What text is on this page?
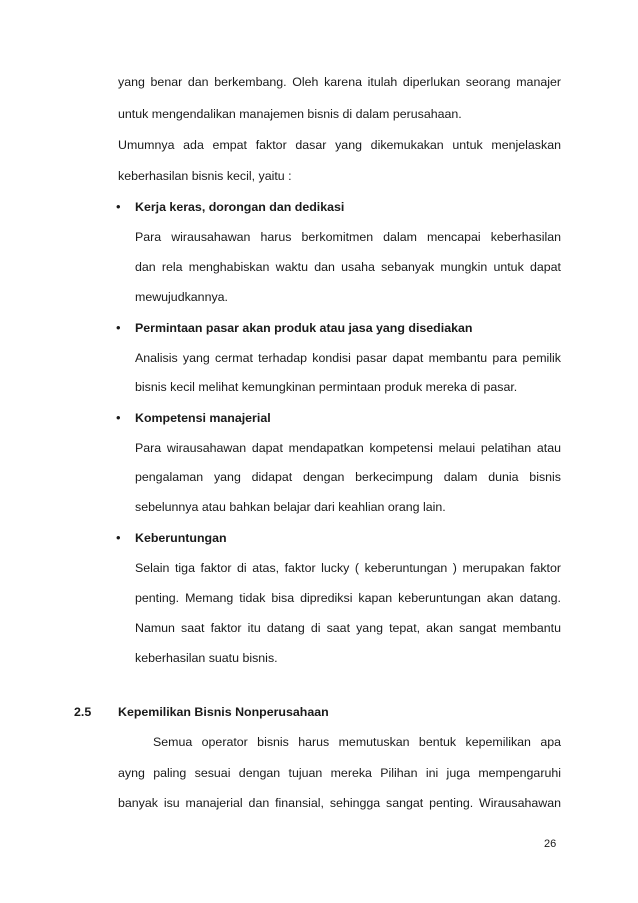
yang benar dan berkembang. Oleh karena itulah diperlukan seorang manajer

untuk mengendalikan manajemen bisnis di dalam perusahaan.

Umumnya ada empat faktor dasar yang dikemukakan untuk menjelaskan

keberhasilan bisnis kecil, yaitu :

• Kerja keras, dorongan dan dedikasi

Para wirausahawan harus berkomitmen dalam mencapai keberhasilan

dan rela menghabiskan waktu dan usaha sebanyak mungkin untuk dapat

mewujudkannya.

• Permintaan pasar akan produk atau jasa yang disediakan

Analisis yang cermat terhadap kondisi pasar dapat membantu para pemilik

bisnis kecil melihat kemungkinan permintaan produk mereka di pasar.

• Kompetensi manajerial

Para wirausahawan dapat mendapatkan kompetensi melaui pelatihan atau

pengalaman yang didapat dengan berkecimpung dalam dunia bisnis

sebelunnya atau bahkan belajar dari keahlian orang lain.

• Keberuntungan

Selain tiga faktor di atas, faktor lucky ( keberuntungan ) merupakan faktor

penting. Memang tidak bisa diprediksi kapan keberuntungan akan datang.

Namun saat faktor itu datang di saat yang tepat, akan sangat membantu

keberhasilan suatu bisnis.

2.5 Kepemilikan Bisnis Nonperusahaan

Semua operator bisnis harus memutuskan bentuk kepemilikan apa

ayng paling sesuai dengan tujuan mereka Pilihan ini juga mempengaruhi

banyak isu manajerial dan finansial, sehingga sangat penting. Wirausahawan

26
